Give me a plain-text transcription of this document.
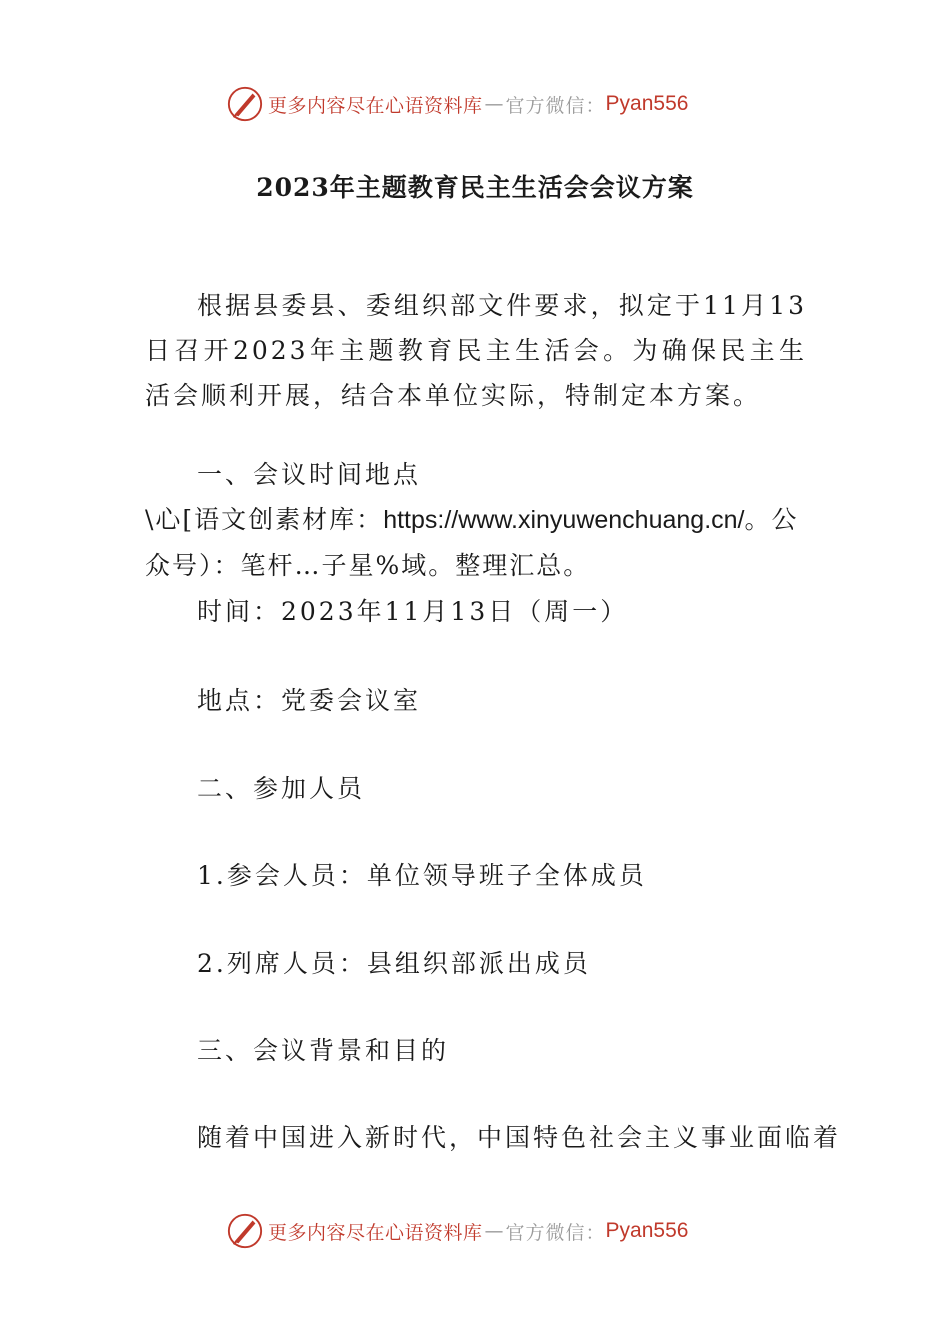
更多内容尽在心语资料库 — 官方微信： Pyan556
2023年主题教育民主生活会会议方案

根据县委县、委组织部文件要求，拟定于11月13日召开2023年主题教育民主生活会。为确保民主生活会顺利开展，结合本单位实际，特制定本方案。

一、会议时间地点

\心[语文创素材库：https://www.xinyuwenchuang.cn/。公众号）：笔杆…子星%域。整理汇总。

时间：2023年11月13日（周一）

地点：党委会议室

二、参加人员

1.参会人员：单位领导班子全体成员

2.列席人员：县组织部派出成员

三、会议背景和目的

随着中国进入新时代，中国特色社会主义事业面临着

更多内容尽在心语资料库 — 官方微信： Pyan556
